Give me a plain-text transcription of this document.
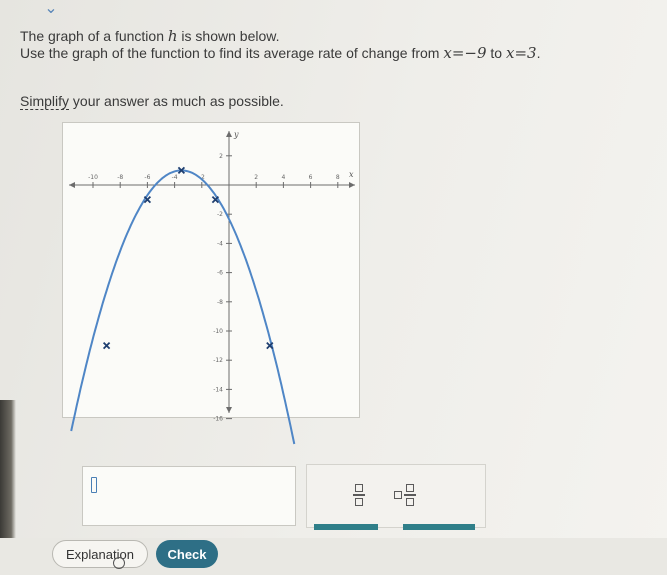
⌄
The graph of a function h is shown below.
Use the graph of the function to find its average rate of change from x=−9 to x=3.
Simplify your answer as much as possible.
x
y
-10	-8	-6	-4	-2	2	4	6	8
2
-2
-4
-6
-8
-10
-12
-14
-16
Explanation	Check
